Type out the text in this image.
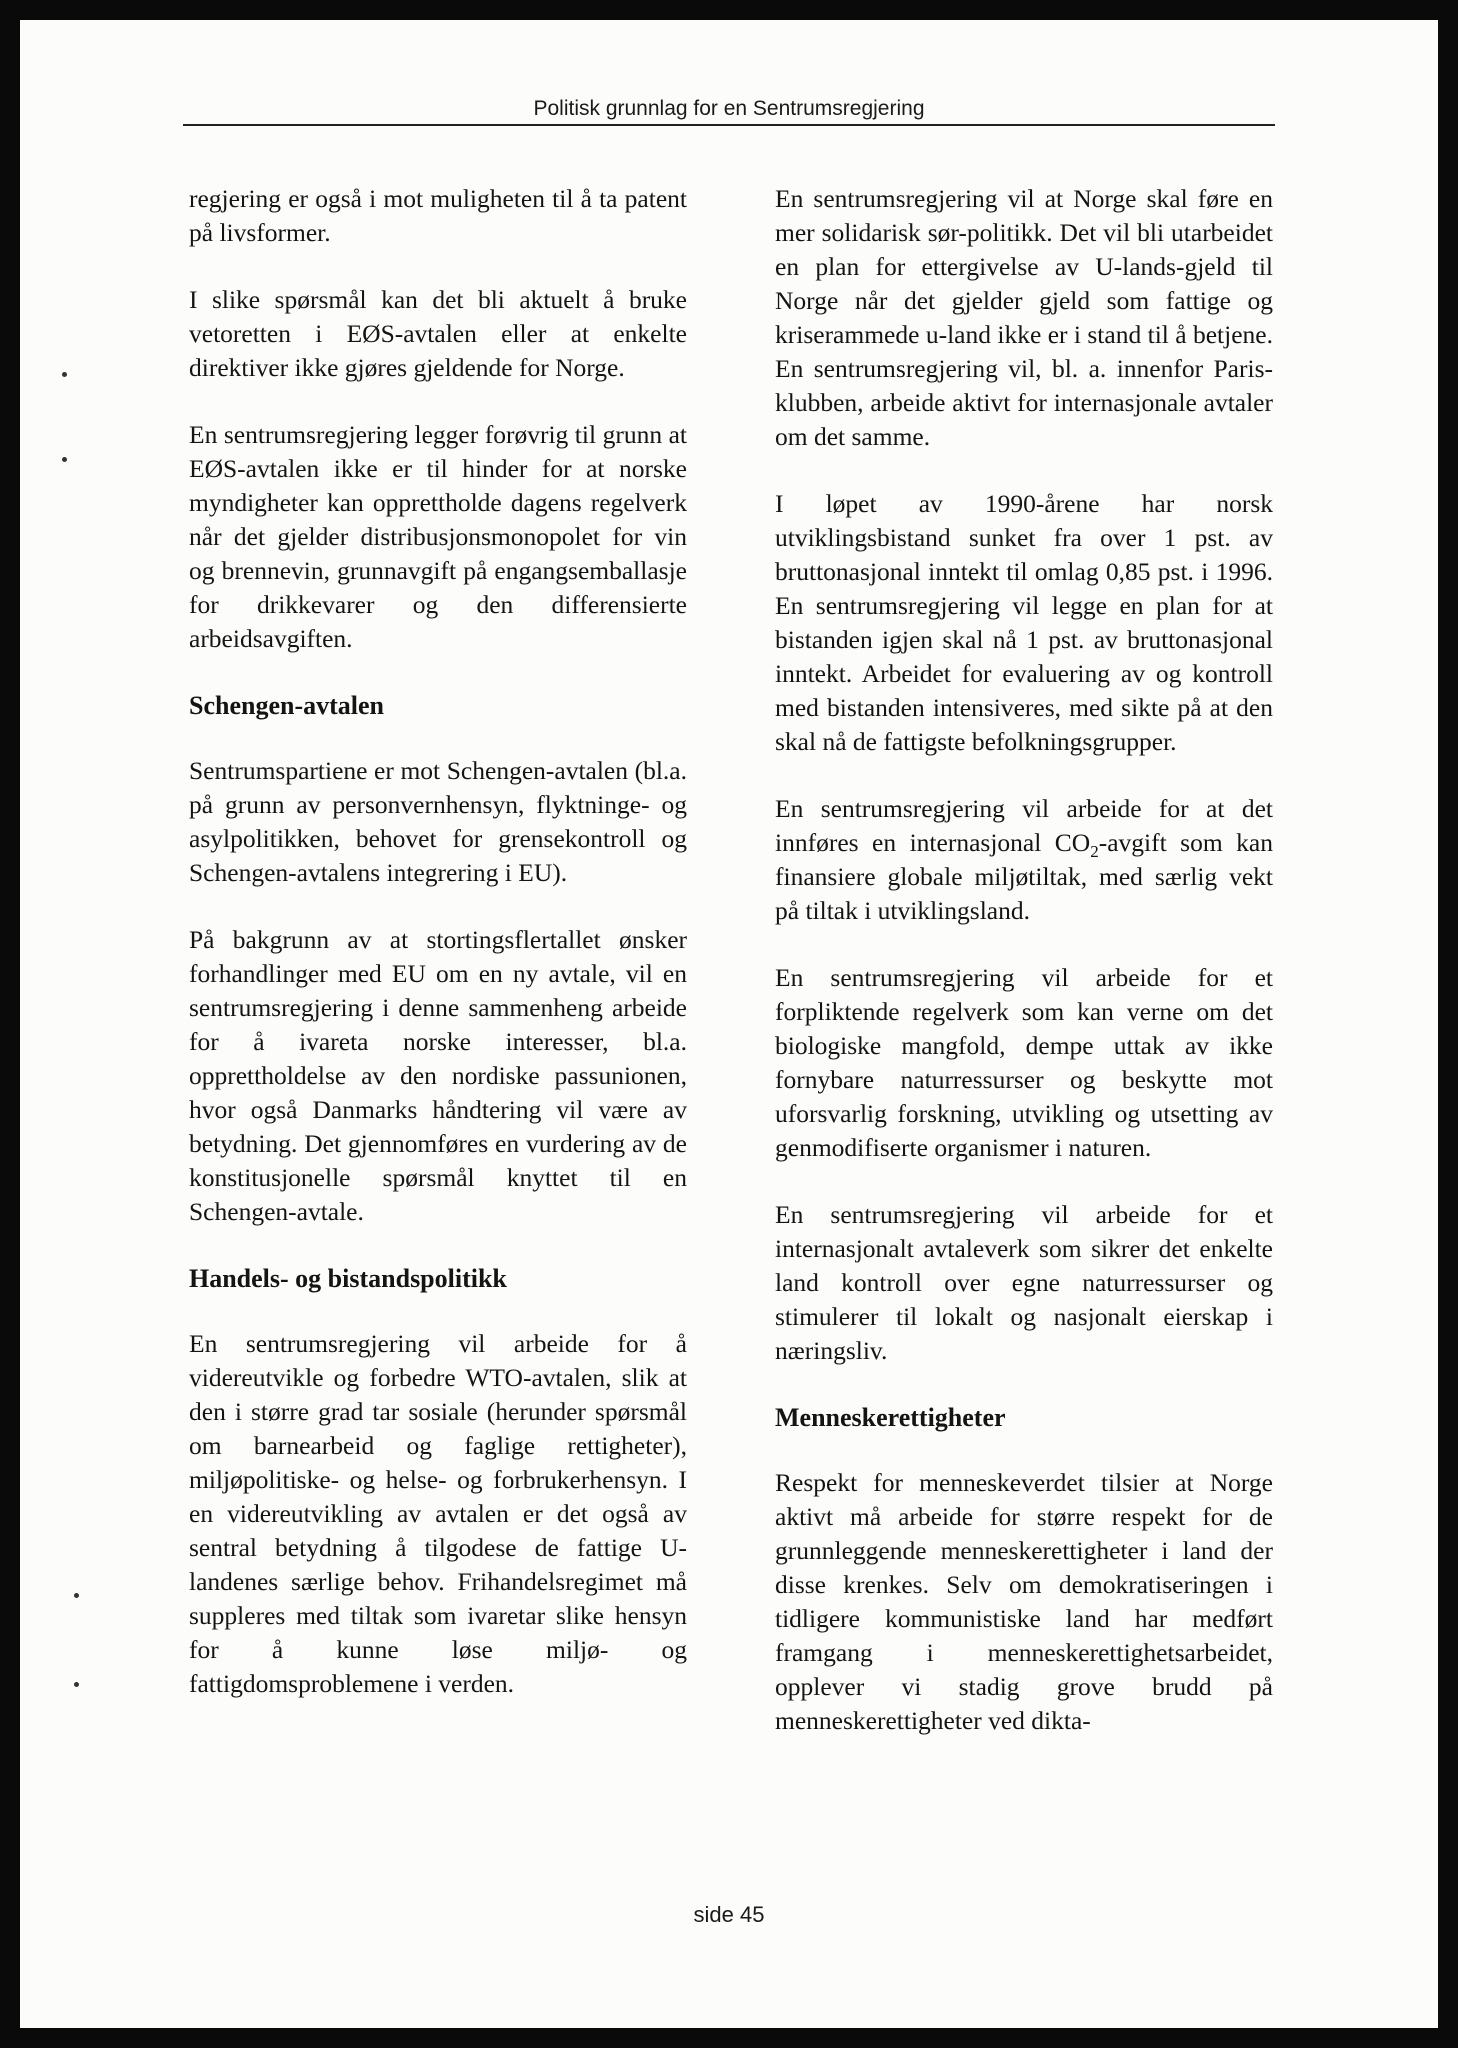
Politisk grunnlag for en Sentrumsregjering

regjering er også i mot muligheten til å ta patent på livsformer.

I slike spørsmål kan det bli aktuelt å bruke vetoretten i EØS-avtalen eller at enkelte direktiver ikke gjøres gjeldende for Norge.

En sentrumsregjering legger forøvrig til grunn at EØS-avtalen ikke er til hinder for at norske myndigheter kan opprettholde dagens regelverk når det gjelder distribusjonsmonopolet for vin og brennevin, grunnavgift på engangsemballasje for drikkevarer og den differensierte arbeidsavgiften.

Schengen-avtalen

Sentrumspartiene er mot Schengen-avtalen (bl.a. på grunn av personvernhensyn, flyktninge- og asylpolitikken, behovet for grensekontroll og Schengen-avtalens integrering i EU).

På bakgrunn av at stortingsflertallet ønsker forhandlinger med EU om en ny avtale, vil en sentrumsregjering i denne sammenheng arbeide for å ivareta norske interesser, bl.a. opprettholdelse av den nordiske passunionen, hvor også Danmarks håndtering vil være av betydning. Det gjennomføres en vurdering av de konstitusjonelle spørsmål knyttet til en Schengen-avtale.

Handels- og bistandspolitikk

En sentrumsregjering vil arbeide for å videreutvikle og forbedre WTO-avtalen, slik at den i større grad tar sosiale (herunder spørsmål om barnearbeid og faglige rettigheter), miljøpolitiske- og helse- og forbrukerhensyn. I en videreutvikling av avtalen er det også av sentral betydning å tilgodese de fattige U-landenes særlige behov. Frihandelsregimet må suppleres med tiltak som ivaretar slike hensyn for å kunne løse miljø- og fattigdomsproblemene i verden.

En sentrumsregjering vil at Norge skal føre en mer solidarisk sør-politikk. Det vil bli utarbeidet en plan for ettergivelse av U-lands-gjeld til Norge når det gjelder gjeld som fattige og kriserammede u-land ikke er i stand til å betjene. En sentrumsregjering vil, bl. a. innenfor Paris-klubben, arbeide aktivt for internasjonale avtaler om det samme.

I løpet av 1990-årene har norsk utviklingsbistand sunket fra over 1 pst. av bruttonasjonal inntekt til omlag 0,85 pst. i 1996. En sentrumsregjering vil legge en plan for at bistanden igjen skal nå 1 pst. av bruttonasjonal inntekt. Arbeidet for evaluering av og kontroll med bistanden intensiveres, med sikte på at den skal nå de fattigste befolkningsgrupper.

En sentrumsregjering vil arbeide for at det innføres en internasjonal $CO_2$-avgift som kan finansiere globale miljøtiltak, med særlig vekt på tiltak i utviklingsland.

En sentrumsregjering vil arbeide for et forpliktende regelverk som kan verne om det biologiske mangfold, dempe uttak av ikke fornybare naturressurser og beskytte mot uforsvarlig forskning, utvikling og utsetting av genmodifiserte organismer i naturen.

En sentrumsregjering vil arbeide for et internasjonalt avtaleverk som sikrer det enkelte land kontroll over egne naturressurser og stimulerer til lokalt og nasjonalt eierskap i næringsliv.

Menneskerettigheter

Respekt for menneskeverdet tilsier at Norge aktivt må arbeide for større respekt for de grunnleggende menneskerettigheter i land der disse krenkes. Selv om demokratiseringen i tidligere kommunistiske land har medført framgang i menneskerettighetsarbeidet, opplever vi stadig grove brudd på menneskerettigheter ved dikta-

side 45
